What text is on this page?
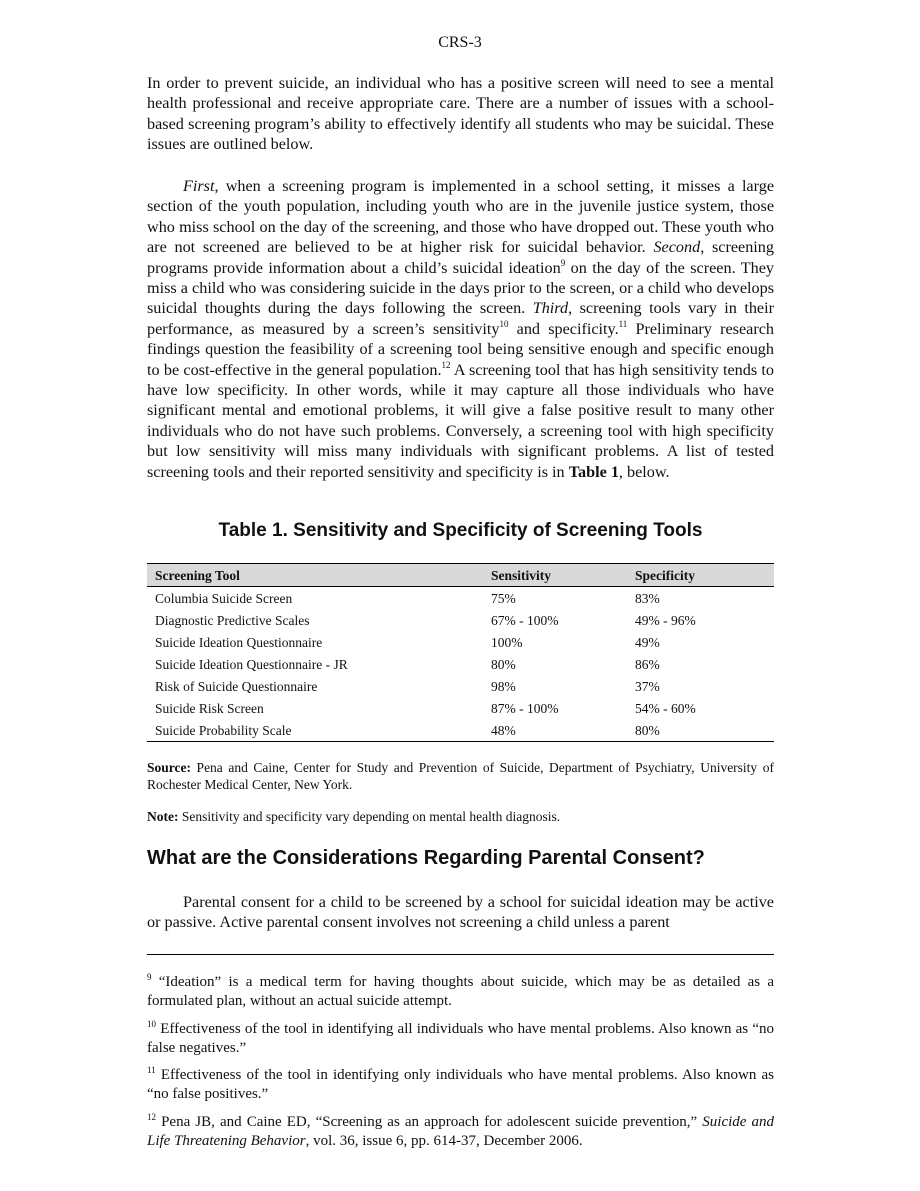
CRS-3

In order to prevent suicide, an individual who has a positive screen will need to see a mental health professional and receive appropriate care. There are a number of issues with a school-based screening program’s ability to effectively identify all students who may be suicidal. These issues are outlined below.

First, when a screening program is implemented in a school setting, it misses a large section of the youth population, including youth who are in the juvenile justice system, those who miss school on the day of the screening, and those who have dropped out. These youth who are not screened are believed to be at higher risk for suicidal behavior. Second, screening programs provide information about a child’s suicidal ideation$^9$ on the day of the screen. They miss a child who was considering suicide in the days prior to the screen, or a child who develops suicidal thoughts during the days following the screen. Third, screening tools vary in their performance, as measured by a screen’s sensitivity$^{10}$ and specificity.$^{11}$ Preliminary research findings question the feasibility of a screening tool being sensitive enough and specific enough to be cost-effective in the general population.$^{12}$ A screening tool that has high sensitivity tends to have low specificity. In other words, while it may capture all those individuals who have significant mental and emotional problems, it will give a false positive result to many other individuals who do not have such problems. Conversely, a screening tool with high specificity but low sensitivity will miss many individuals with significant problems. A list of tested screening tools and their reported sensitivity and specificity is in Table 1, below.

Table 1. Sensitivity and Specificity of Screening Tools
Screening Tool	Sensitivity	Specificity
Columbia Suicide Screen	75%	83%
Diagnostic Predictive Scales	67% - 100%	49% - 96%
Suicide Ideation Questionnaire	100%	49%
Suicide Ideation Questionnaire - JR	80%	86%
Risk of Suicide Questionnaire	98%	37%
Suicide Risk Screen	87% - 100%	54% - 60%
Suicide Probability Scale	48%	80%

Source: Pena and Caine, Center for Study and Prevention of Suicide, Department of Psychiatry, University of Rochester Medical Center, New York.

Note: Sensitivity and specificity vary depending on mental health diagnosis.

What are the Considerations Regarding Parental Consent?

Parental consent for a child to be screened by a school for suicidal ideation may be active or passive. Active parental consent involves not screening a child unless a parent

$^9$ “Ideation” is a medical term for having thoughts about suicide, which may be as detailed as a formulated plan, without an actual suicide attempt.

$^{10}$ Effectiveness of the tool in identifying all individuals who have mental problems. Also known as “no false negatives.”

$^{11}$ Effectiveness of the tool in identifying only individuals who have mental problems. Also known as “no false positives.”

$^{12}$ Pena JB, and Caine ED, “Screening as an approach for adolescent suicide prevention,” Suicide and Life Threatening Behavior, vol. 36, issue 6, pp. 614-37, December 2006.
